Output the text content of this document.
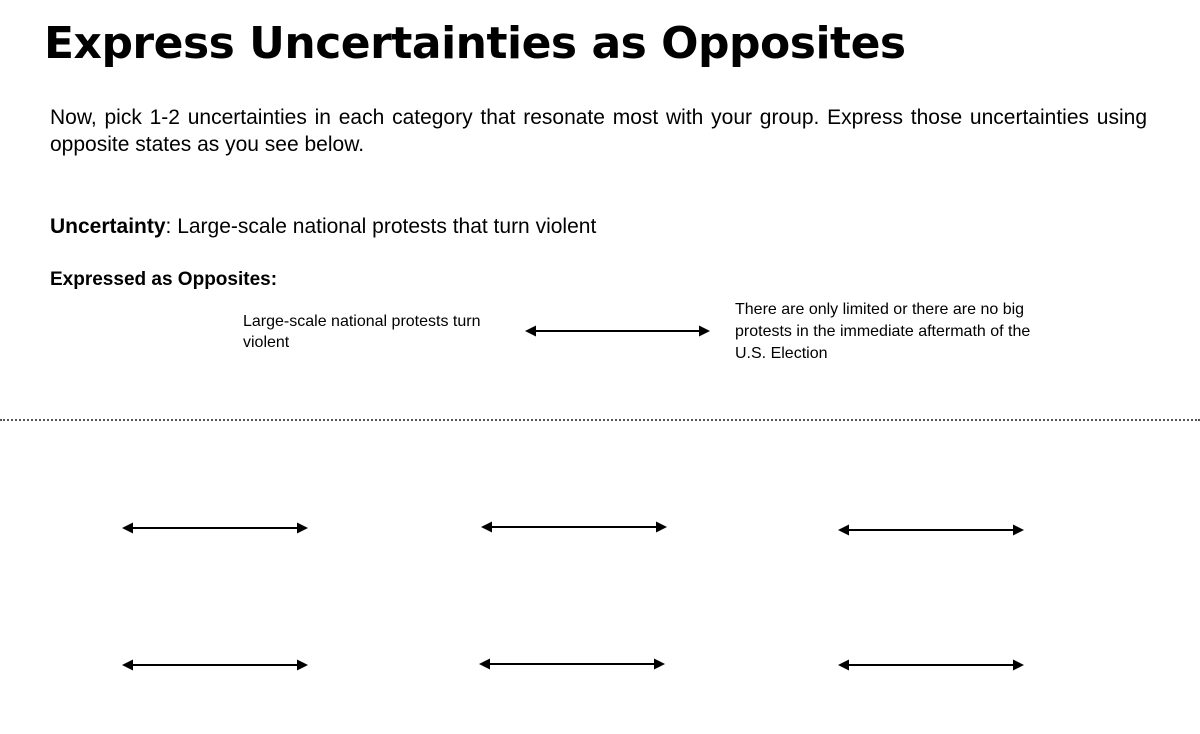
Express Uncertainties as Opposites

Now, pick 1-2 uncertainties in each category that resonate most with your group. Express those uncertainties using opposite states as you see below.

Uncertainty: Large-scale national protests that turn violent

Expressed as Opposites:

Large-scale national protests turn violent

There are only limited or there are no big protests in the immediate aftermath of the U.S. Election
